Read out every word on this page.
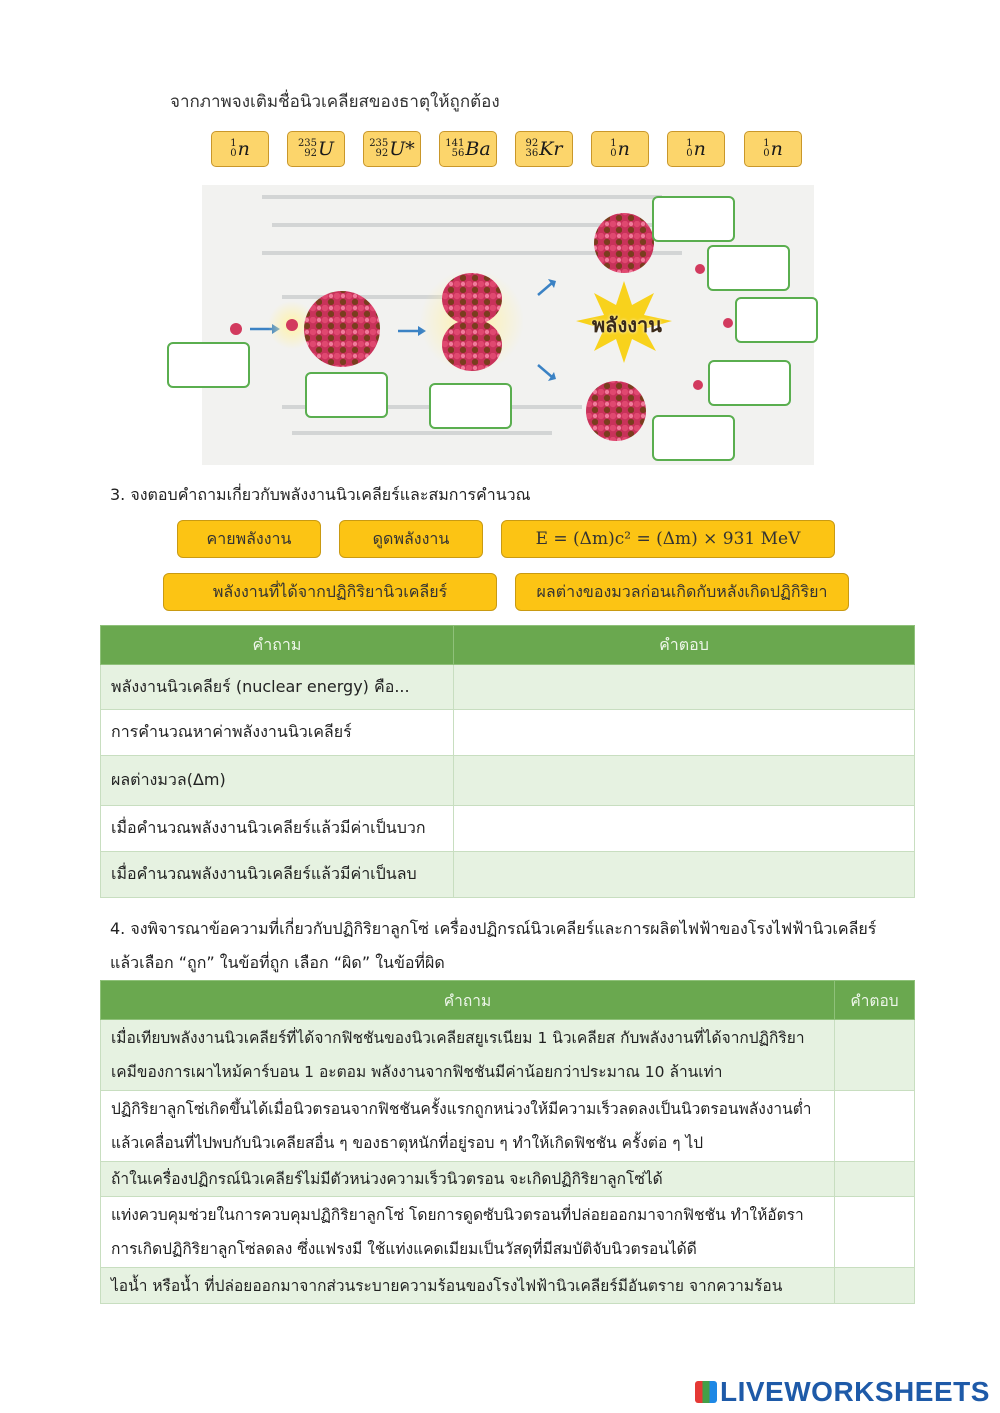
จากภาพจงเติมชื่อนิวเคลียสของธาตุให้ถูกต้อง
1
0 n	235
92 U	235
92 U*	141
56 Ba	92
36 Kr	1
0 n	1
0 n	1
0 n
พลังงาน
3. จงตอบคำถามเกี่ยวกับพลังงานนิวเคลียร์และสมการคำนวณ
คายพลังงาน	ดูดพลังงาน	E = (Δm)c² = (Δm) × 931 MeV
พลังงานที่ได้จากปฏิกิริยานิวเคลียร์	ผลต่างของมวลก่อนเกิดกับหลังเกิดปฏิกิริยา
คำถาม	คำตอบ
พลังงานนิวเคลียร์ (nuclear energy) คือ...	
การคำนวณหาค่าพลังงานนิวเคลียร์	
ผลต่างมวล(Δm)	
เมื่อคำนวณพลังงานนิวเคลียร์แล้วมีค่าเป็นบวก	
เมื่อคำนวณพลังงานนิวเคลียร์แล้วมีค่าเป็นลบ	
4. จงพิจารณาข้อความที่เกี่ยวกับปฏิกิริยาลูกโซ่ เครื่องปฏิกรณ์นิวเคลียร์และการผลิตไฟฟ้าของโรงไฟฟ้านิวเคลียร์
แล้วเลือก “ถูก” ในข้อที่ถูก เลือก “ผิด” ในข้อที่ผิด
คำถาม	คำตอบ
เมื่อเทียบพลังงานนิวเคลียร์ที่ได้จากฟิชชันของนิวเคลียสยูเรเนียม 1 นิวเคลียส กับพลังงานที่ได้จากปฏิกิริยาเคมีของการเผาไหม้คาร์บอน 1 อะตอม พลังงานจากฟิชชันมีค่าน้อยกว่าประมาณ 10 ล้านเท่า	
ปฏิกิริยาลูกโซ่เกิดขึ้นได้เมื่อนิวตรอนจากฟิชชันครั้งแรกถูกหน่วงให้มีความเร็วลดลงเป็นนิวตรอนพลังงานต่ำแล้วเคลื่อนที่ไปพบกับนิวเคลียสอื่น ๆ ของธาตุหนักที่อยู่รอบ ๆ ทำให้เกิดฟิชชัน ครั้งต่อ ๆ ไป	
ถ้าในเครื่องปฏิกรณ์นิวเคลียร์ไม่มีตัวหน่วงความเร็วนิวตรอน จะเกิดปฏิกิริยาลูกโซ่ได้	
แท่งควบคุมช่วยในการควบคุมปฏิกิริยาลูกโซ่ โดยการดูดซับนิวตรอนที่ปล่อยออกมาจากฟิชชัน ทำให้อัตราการเกิดปฏิกิริยาลูกโซ่ลดลง ซึ่งแฟรงมี ใช้แท่งแคดเมียมเป็นวัสดุที่มีสมบัติจับนิวตรอนได้ดี	
ไอน้ำ หรือน้ำ ที่ปล่อยออกมาจากส่วนระบายความร้อนของโรงไฟฟ้านิวเคลียร์มีอันตราย จากความร้อน	
LIVEWORKSHEETS
